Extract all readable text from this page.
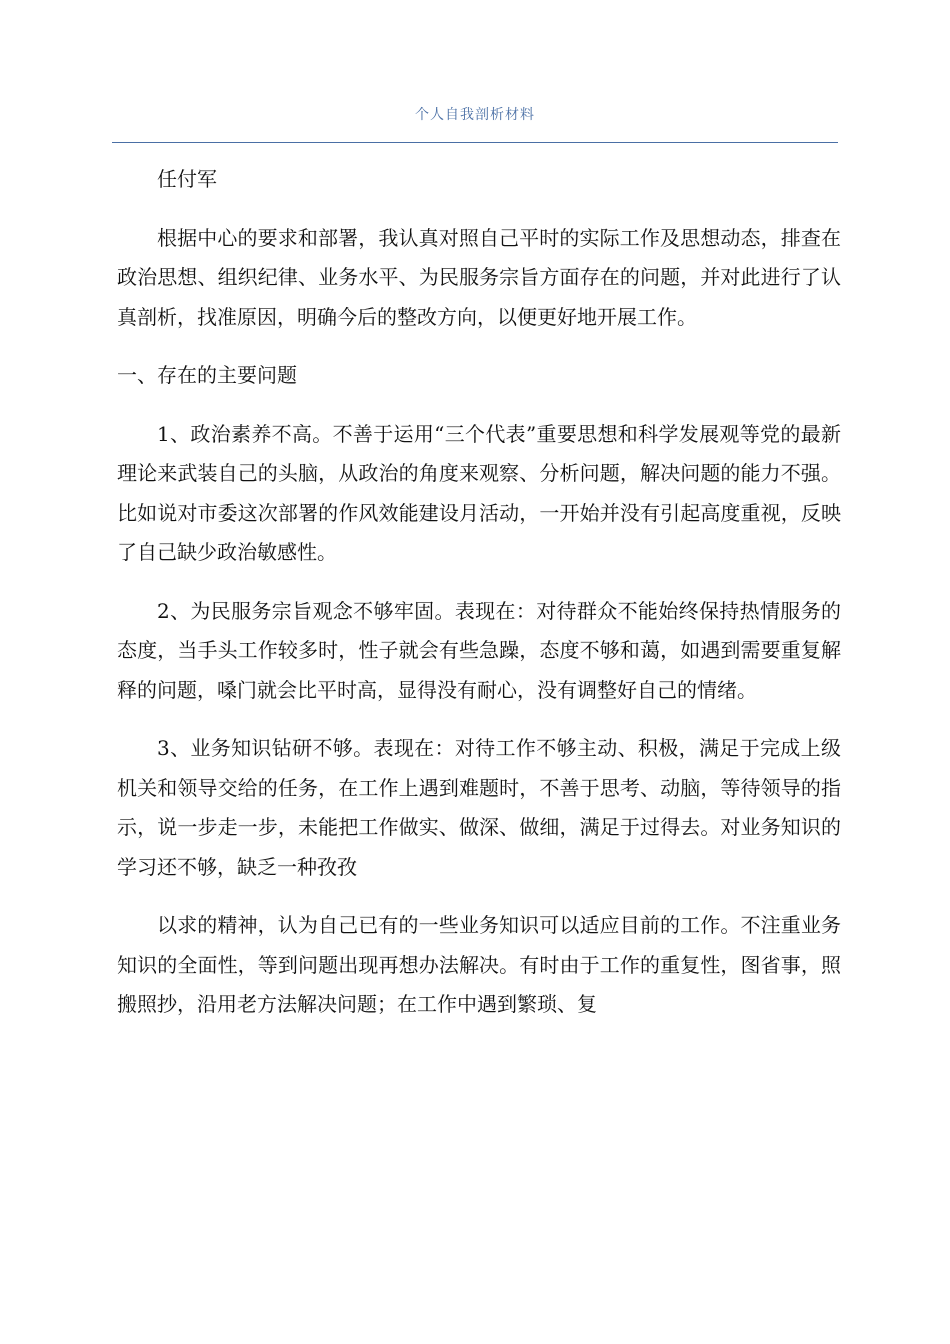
个人自我剖析材料

任付军

根据中心的要求和部署，我认真对照自己平时的实际工作及思想动态，排查在政治思想、组织纪律、业务水平、为民服务宗旨方面存在的问题，并对此进行了认真剖析，找准原因，明确今后的整改方向，以便更好地开展工作。

一、存在的主要问题

1、政治素养不高。不善于运用“三个代表”重要思想和科学发展观等党的最新理论来武装自己的头脑，从政治的角度来观察、分析问题，解决问题的能力不强。比如说对市委这次部署的作风效能建设月活动，一开始并没有引起高度重视，反映了自己缺少政治敏感性。

2、为民服务宗旨观念不够牢固。表现在：对待群众不能始终保持热情服务的态度，当手头工作较多时，性子就会有些急躁，态度不够和蔼，如遇到需要重复解释的问题，嗓门就会比平时高，显得没有耐心，没有调整好自己的情绪。

3、业务知识钻研不够。表现在：对待工作不够主动、积极，满足于完成上级机关和领导交给的任务，在工作上遇到难题时，不善于思考、动脑，等待领导的指示，说一步走一步，未能把工作做实、做深、做细，满足于过得去。对业务知识的学习还不够，缺乏一种孜孜

以求的精神，认为自己已有的一些业务知识可以适应目前的工作。不注重业务知识的全面性，等到问题出现再想办法解决。有时由于工作的重复性，图省事，照搬照抄，沿用老方法解决问题；在工作中遇到繁琐、复
